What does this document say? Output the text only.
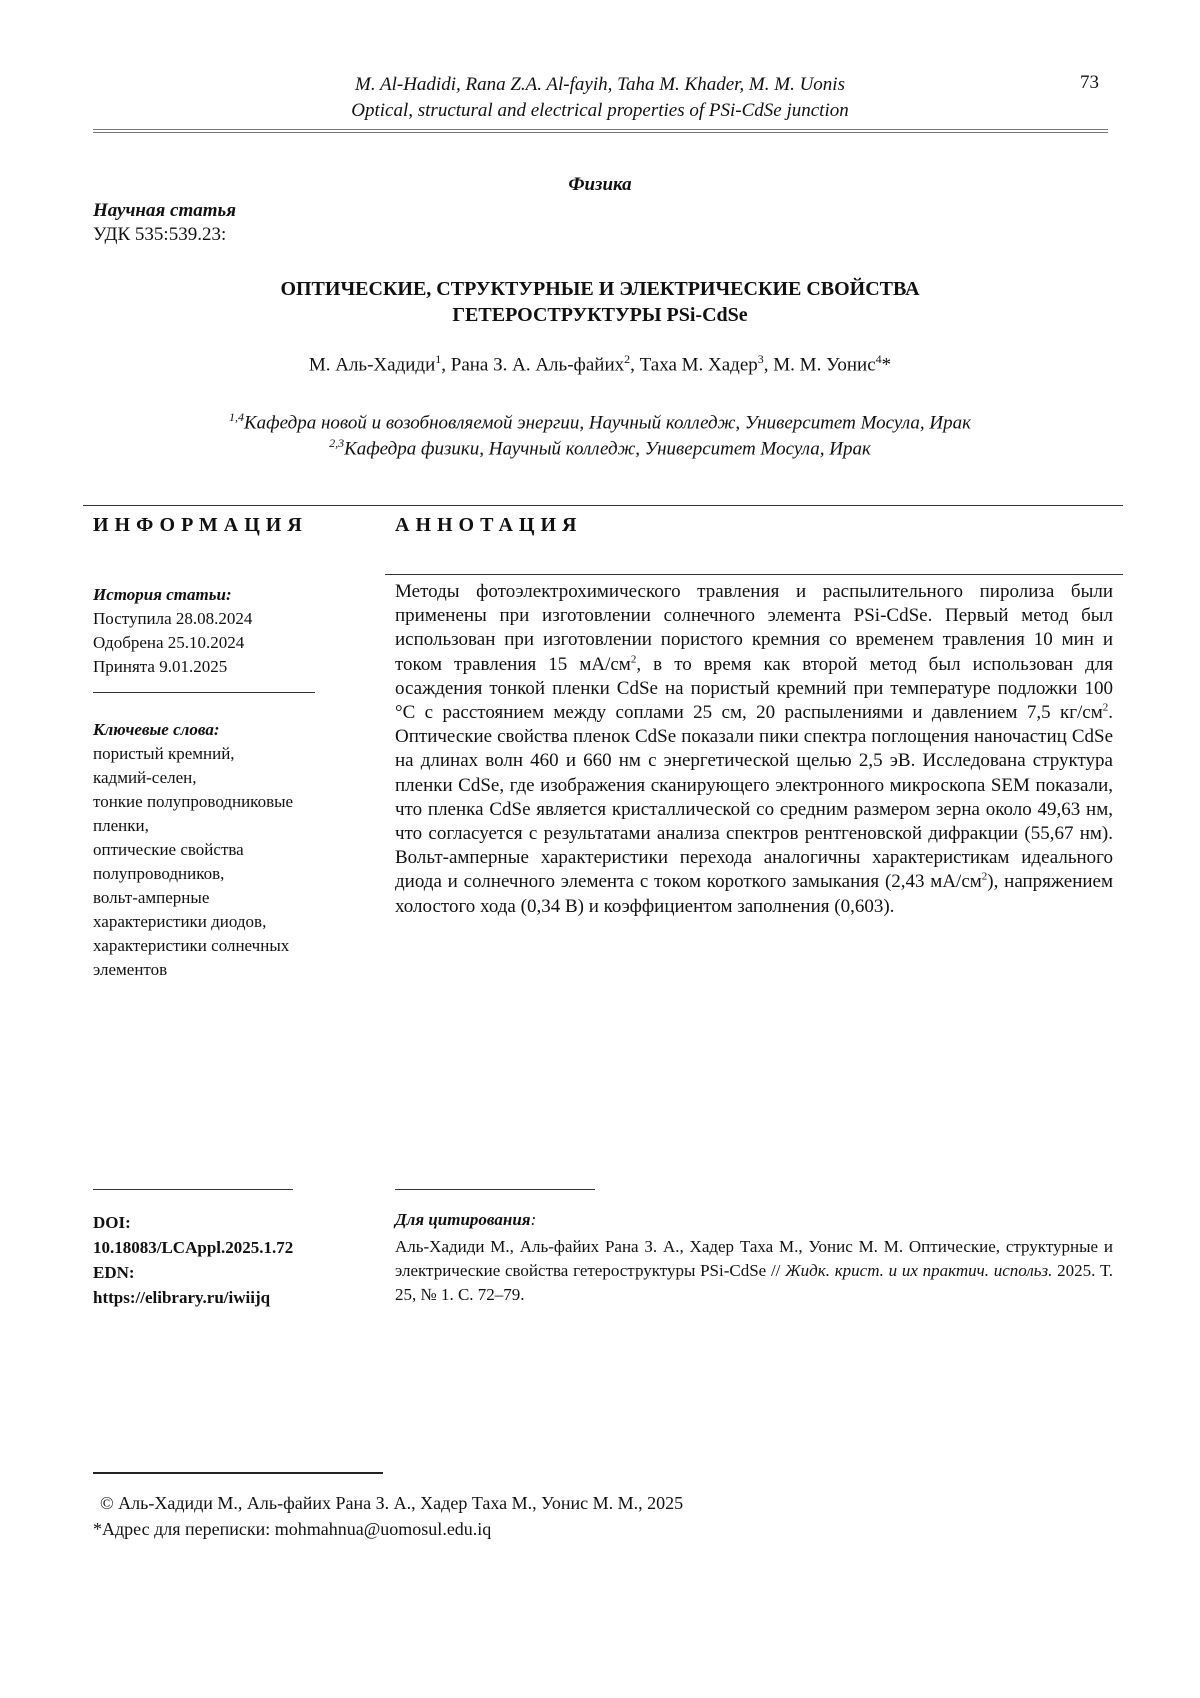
M. Al-Hadidi, Rana Z.A. Al-fayih, Taha M. Khader, M. M. Uonis
Optical, structural and electrical properties of PSi-CdSe junction
73
Физика
Научная статья
УДК 535:539.23:
ОПТИЧЕСКИЕ, СТРУКТУРНЫЕ И ЭЛЕКТРИЧЕСКИЕ СВОЙСТВА
ГЕТЕРОСТРУКТУРЫ PSi-CdSe
М. Аль-Хадиди$^1$, Рана З. А. Аль-файих$^2$, Таха М. Хадер$^3$, М. М. Уонис$^4$*
$^{1,4}$Кафедра новой и возобновляемой энергии, Научный колледж, Университет Мосула, Ирак
$^{2,3}$Кафедра физики, Научный колледж, Университет Мосула, Ирак
ИНФОРМАЦИЯ	АННОТАЦИЯ
История статьи:
Поступила 28.08.2024
Одобрена 25.10.2024
Принята 9.01.2025
Ключевые слова:
пористый кремний,
кадмий-селен,
тонкие полупроводниковые
пленки,
оптические свойства
полупроводников,
вольт-амперные
характеристики диодов,
характеристики солнечных
элементов
Методы фотоэлектрохимического травления и распылительного пиролиза были применены при изготовлении солнечного элемента PSi-CdSe. Первый метод был использован при изготовлении пористого кремния со временем травления 10 мин и током травления 15 $мА/см^2$, в то время как второй метод был использован для осаждения тонкой пленки CdSe на пористый кремний при температуре подложки 100 °С с расстоянием между соплами 25 см, 20 распылениями и давлением 7,5 $кг/см^2$. Оптические свойства пленок CdSe показали пики спектра поглощения наночастиц CdSe на длинах волн 460 и 660 нм с энергетической щелью 2,5 эВ. Исследована структура пленки CdSe, где изображения сканирующего электронного микроскопа SEM показали, что пленка CdSe является кристаллической со средним размером зерна около 49,63 нм, что согласуется с результатами анализа спектров рентгеновской дифракции (55,67 нм). Вольт-амперные характеристики перехода аналогичны характеристикам идеального диода и солнечного элемента с током короткого замыкания (2,43 $мА/см^2$), напряжением холостого хода (0,34 В) и коэффициентом заполнения (0,603).
DOI:
10.18083/LCAppl.2025.1.72
EDN:
https://elibrary.ru/iwiijq
Для цитирования:
Аль-Хадиди М., Аль-файих Рана З. А., Хадер Таха М., Уонис М. М. Оптические, структурные и электрические свойства гетероструктуры PSi-CdSe // Жидк. крист. и их практич. использ. 2025. Т. 25, № 1. С. 72–79.
© Аль-Хадиди М., Аль-файих Рана З. А., Хадер Таха М., Уонис М. М., 2025
*Адрес для переписки: mohmahnua@uomosul.edu.iq
